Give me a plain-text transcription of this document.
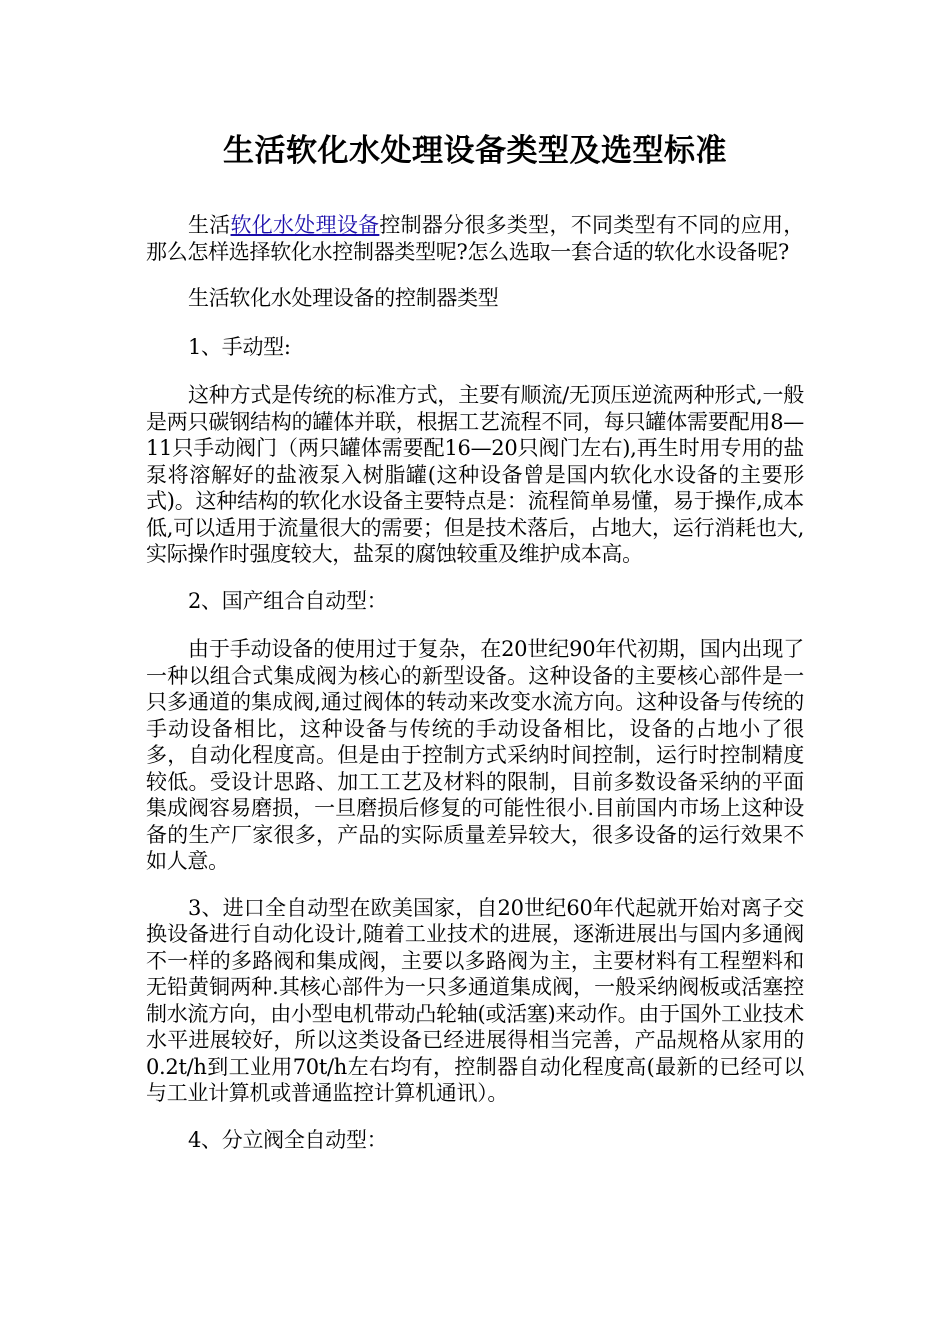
生活软化水处理设备类型及选型标准

生活软化水处理设备控制器分很多类型，不同类型有不同的应用，那么怎样选择软化水控制器类型呢?怎么选取一套合适的软化水设备呢?

生活软化水处理设备的控制器类型

1、手动型:

这种方式是传统的标准方式，主要有顺流/无顶压逆流两种形式,一般是两只碳钢结构的罐体并联，根据工艺流程不同，每只罐体需要配用8—11只手动阀门（两只罐体需要配16—20只阀门左右),再生时用专用的盐泵将溶解好的盐液泵入树脂罐(这种设备曾是国内软化水设备的主要形式)。这种结构的软化水设备主要特点是：流程简单易懂，易于操作,成本低,可以适用于流量很大的需要；但是技术落后，占地大，运行消耗也大,实际操作时强度较大，盐泵的腐蚀较重及维护成本高。

2、国产组合自动型：

由于手动设备的使用过于复杂，在20世纪90年代初期，国内出现了一种以组合式集成阀为核心的新型设备。这种设备的主要核心部件是一只多通道的集成阀,通过阀体的转动来改变水流方向。这种设备与传统的手动设备相比，这种设备与传统的手动设备相比，设备的占地小了很多，自动化程度高。但是由于控制方式采纳时间控制，运行时控制精度较低。受设计思路、加工工艺及材料的限制，目前多数设备采纳的平面集成阀容易磨损，一旦磨损后修复的可能性很小.目前国内市场上这种设备的生产厂家很多，产品的实际质量差异较大，很多设备的运行效果不如人意。

3、进口全自动型在欧美国家，自20世纪60年代起就开始对离子交换设备进行自动化设计,随着工业技术的进展，逐渐进展出与国内多通阀不一样的多路阀和集成阀，主要以多路阀为主，主要材料有工程塑料和无铅黄铜两种.其核心部件为一只多通道集成阀，一般采纳阀板或活塞控制水流方向，由小型电机带动凸轮轴(或活塞)来动作。由于国外工业技术水平进展较好，所以这类设备已经进展得相当完善，产品规格从家用的0.2t/h到工业用70t/h左右均有，控制器自动化程度高(最新的已经可以与工业计算机或普通监控计算机通讯）。

4、分立阀全自动型：
